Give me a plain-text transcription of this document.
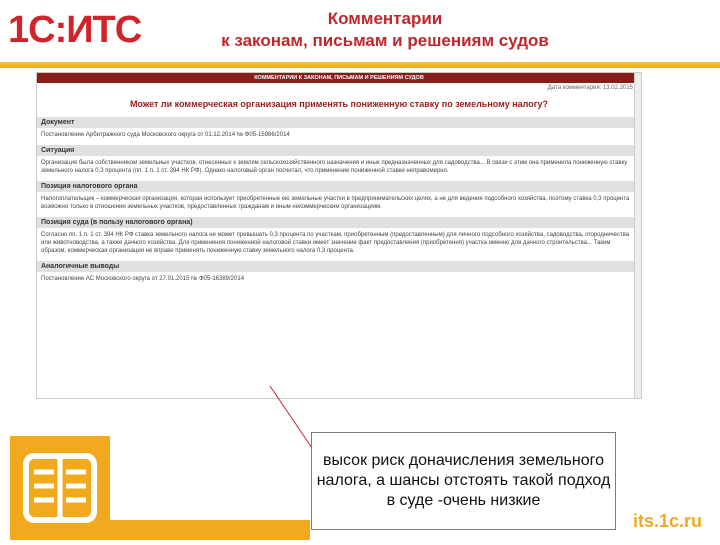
1С:ИТС	Комментарии
к законам, письмам и решениям судов
КОММЕНТАРИИ К ЗАКОНАМ, ПИСЬМАМ И РЕШЕНИЯМ СУДОВ
Дата комментария: 13.02.2015
Может ли коммерческая организация применять пониженную ставку по земельному налогу?
Документ

Постановление Арбитражного суда Московского округа от 01.12.2014 № Ф05-15986/2014

Ситуация

Организация была собственником земельных участков, отнесенных к землям сельскохозяйственного назначения и иных предназначенных для садоводства... В связи с этим она применила пониженную ставку земельного налога 0,3 процента (пп. 1 п. 1 ст. 394 НК РФ). Однако налоговый орган посчитал, что применение пониженной ставки неправомерно.

Позиция налогового органа

Налогоплательщик – коммерческая организация, которая использует приобретенные ею земельные участки в предпринимательских целях, а не для ведения подсобного хозяйства, поэтому ставка 0,3 процента возможно только в отношении земельных участков, предоставленных гражданам и иным некоммерческим организациям.

Позиция суда (в пользу налогового органа)

Согласно пп. 1 п. 1 ст. 394 НК РФ ставка земельного налога не может превышать 0,3 процента по участкам, приобретенным (предоставленным) для личного подсобного хозяйства, садоводства, огородничества или животноводства, а также дачного хозяйства. Для применения пониженной налоговой ставки имеет значение факт предоставления (приобретения) участка именно для дачного строительства... Таким образом, коммерческая организация не вправе применять пониженную ставку земельного налога 0,3 процента.

Аналогичные выводы

Постановление АС Московского округа от 27.01.2015 № Ф05-16389/2014

высок риск доначисления земельного налога, а шансы отстоять такой подход в суде -очень низкие
its.1c.ru
